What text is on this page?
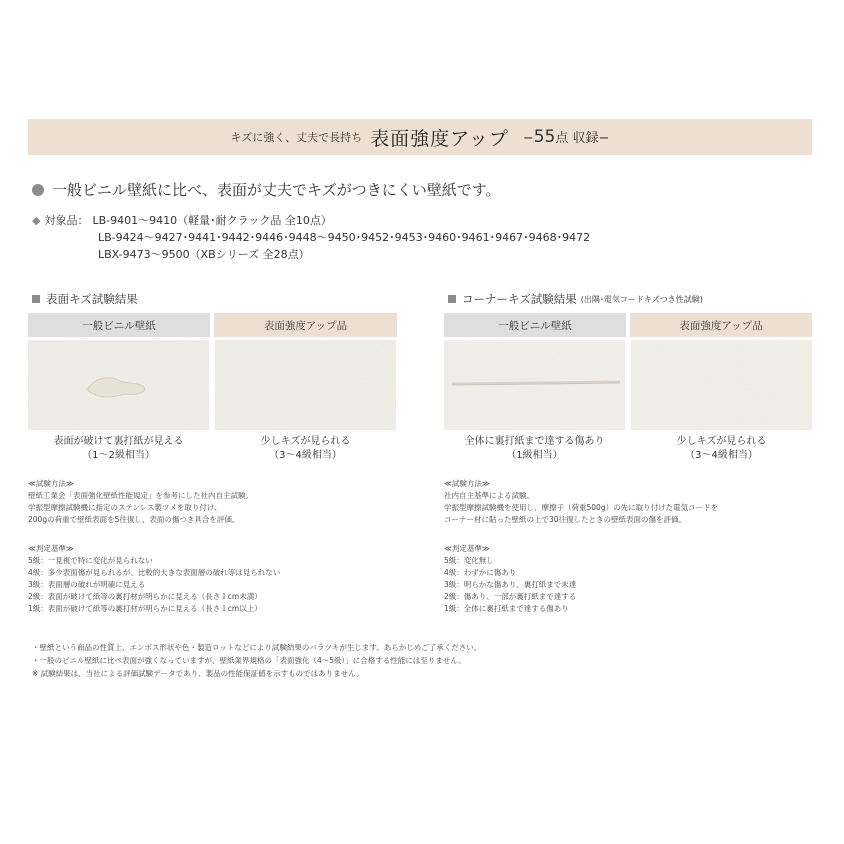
キズに強く、丈夫で長持ち 表面強度アップ −55点 収録−
一般ビニル壁紙に比べ、表面が丈夫でキズがつきにくい壁紙です。
◆ 対象品： LB-9401～9410（軽量･耐クラック品 全10点）
LB-9424～9427･9441･9442･9446･9448～9450･9452･9453･9460･9461･9467･9468･9472
LBX-9473～9500（XBシリーズ 全28点）
表面キズ試験結果
一般ビニル壁紙	表面強度アップ品
表面が破けて裏打紙が見える
（1～2級相当）
少しキズが見られる
（3～4級相当）
≪試験方法≫
壁紙工業会「表面強化壁紙性能規定」を参考にした社内自主試験。
学振型摩擦試験機に指定のステンレス製ツメを取り付け、
200gの荷重で壁紙表面を5往復し、表面の傷つき具合を評価。
≪判定基準≫
5級：一見視で特に変化が見られない
4級：多少表面傷が見られるが、比較的大きな表面層の破れ等は見られない
3級：表面層の破れが明確に見える
2級：表面が破けて紙等の裏打材が明らかに見える（長さ１cm未満）
1級：表面が破けて紙等の裏打材が明らかに見える（長さ１cm以上）
コーナーキズ試験結果 (出隅･電気コードキズつき性試験)
一般ビニル壁紙	表面強度アップ品
全体に裏打紙まで達する傷あり
（1級相当）
少しキズが見られる
（3～4級相当）
≪試験方法≫
社内自主基準による試験。
学振型摩擦試験機を使用し、摩擦子（荷重500g）の先に取り付けた電気コードを
コーナー材に貼った壁紙の上で30往復したときの壁紙表面の傷を評価。
≪判定基準≫
5級：変化無し
4級：わずかに傷あり
3級：明らかな傷あり、裏打紙まで未達
2級：傷あり、一部が裏打紙まで達する
1級：全体に裏打紙まで達する傷あり
・壁紙という商品の性質上、エンボス形状や色・製造ロットなどにより試験結果のバラツキが生じます。あらかじめご了承ください。
・一般のビニル壁紙に比べ表面が強くなっていますが、壁紙業界規格の「表面強化（4～5級）」に合格する性能には至りません。
※ 試験結果は、当社による評価試験データであり、製品の性能保証値を示すものではありません。
